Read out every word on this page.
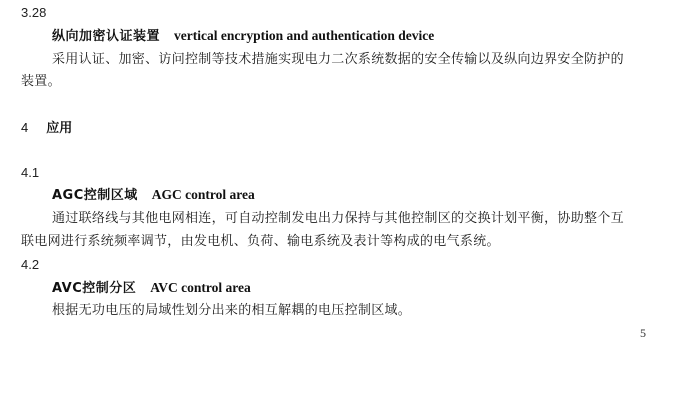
3.28
纵向加密认证装置 vertical encryption and authentication device
采用认证、加密、访问控制等技术措施实现电力二次系统数据的安全传输以及纵向边界安全防护的
装置。
4 应用
4.1
AGC控制区域 AGC control area
通过联络线与其他电网相连，可自动控制发电出力保持与其他控制区的交换计划平衡，协助整个互
联电网进行系统频率调节，由发电机、负荷、输电系统及表计等构成的电气系统。
4.2
AVC控制分区 AVC control area
根据无功电压的局域性划分出来的相互解耦的电压控制区域。
5
